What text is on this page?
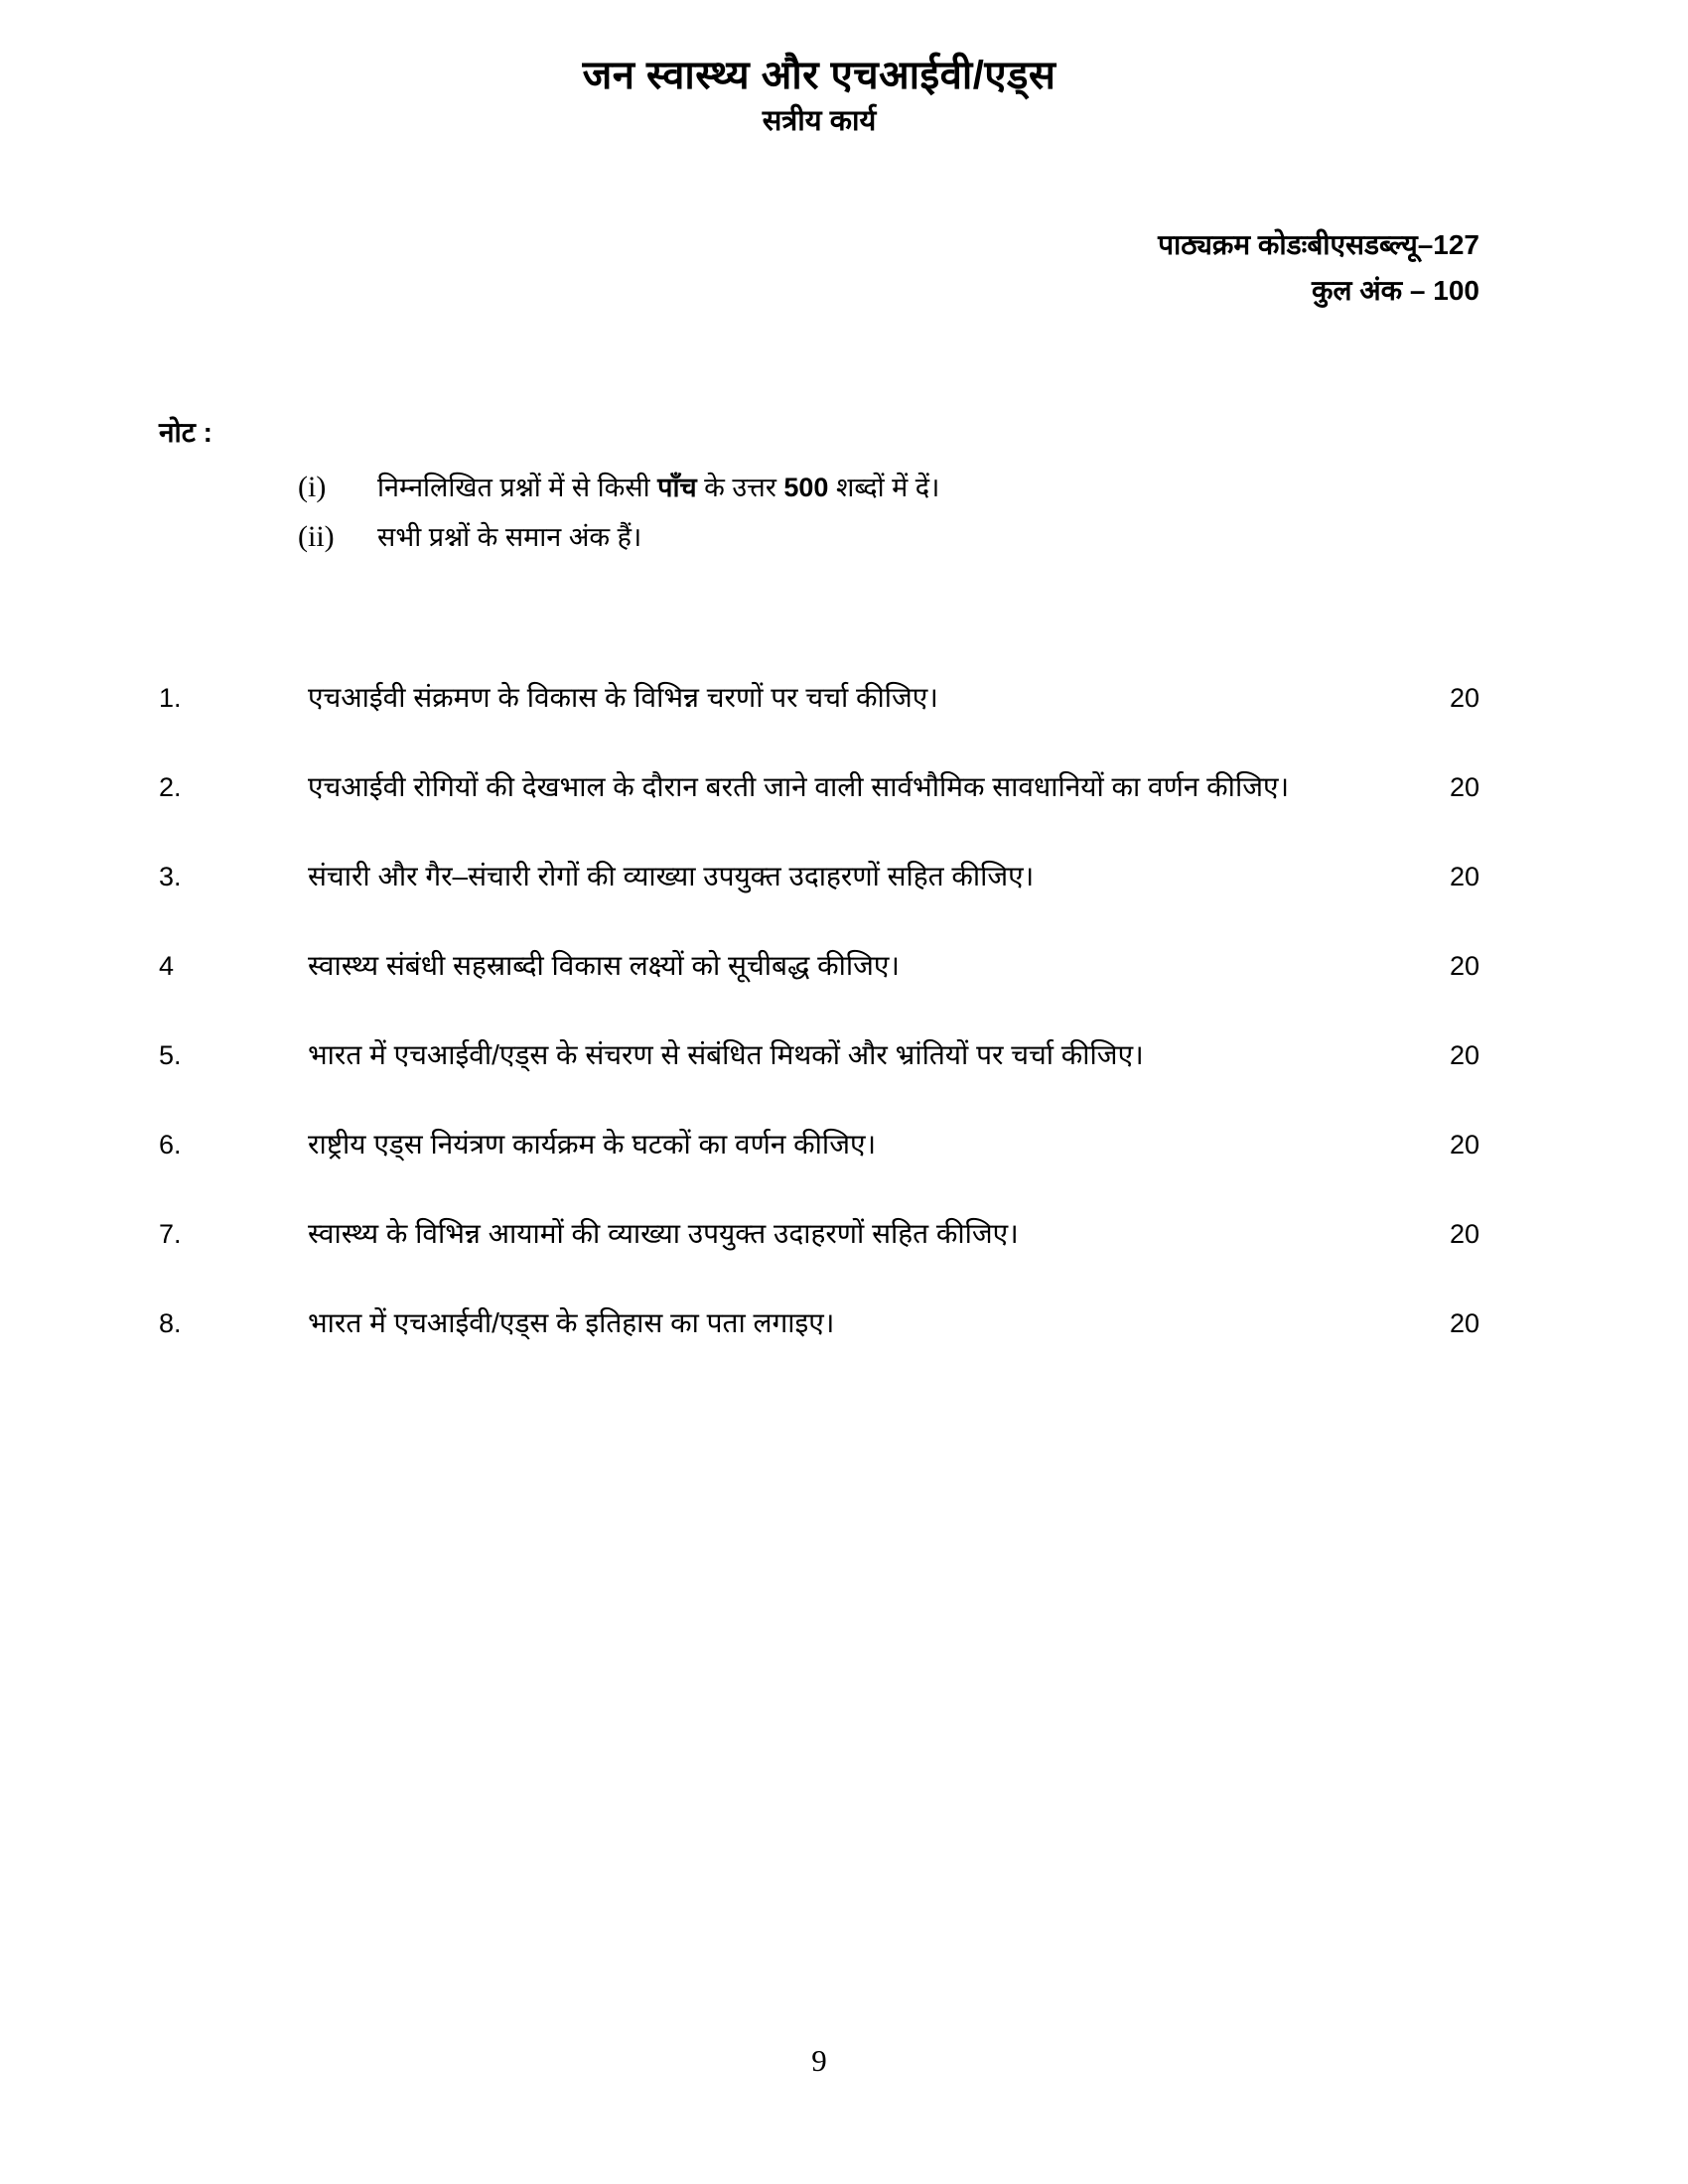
जन स्वास्थ्य और एचआईवी/एड्स
सत्रीय कार्य
पाठ्यक्रम कोडःबीएसडब्ल्यू–127
कुल अंक – 100
नोट :
(i)	निम्नलिखित प्रश्नों में से किसी पाँच के उत्तर 500 शब्दों में दें।
(ii)	सभी प्रश्नों के समान अंक हैं।
1.	एचआईवी संक्रमण के विकास के विभिन्न चरणों पर चर्चा कीजिए।	20
2.	एचआईवी रोगियों की देखभाल के दौरान बरती जाने वाली सार्वभौमिक सावधानियों का वर्णन कीजिए।	20
3.	संचारी और गैर–संचारी रोगों की व्याख्या उपयुक्त उदाहरणों सहित कीजिए।	20
4	स्वास्थ्य संबंधी सहस्राब्दी विकास लक्ष्यों को सूचीबद्ध कीजिए।	20
5.	भारत में एचआईवी/एड्स के संचरण से संबंधित मिथकों और भ्रांतियों पर चर्चा कीजिए।	20
6.	राष्ट्रीय एड्स नियंत्रण कार्यक्रम के घटकों का वर्णन कीजिए।	20
7.	स्वास्थ्य के विभिन्न आयामों की व्याख्या उपयुक्त उदाहरणों सहित कीजिए।	20
8.	भारत में एचआईवी/एड्स के इतिहास का पता लगाइए।	20
9
